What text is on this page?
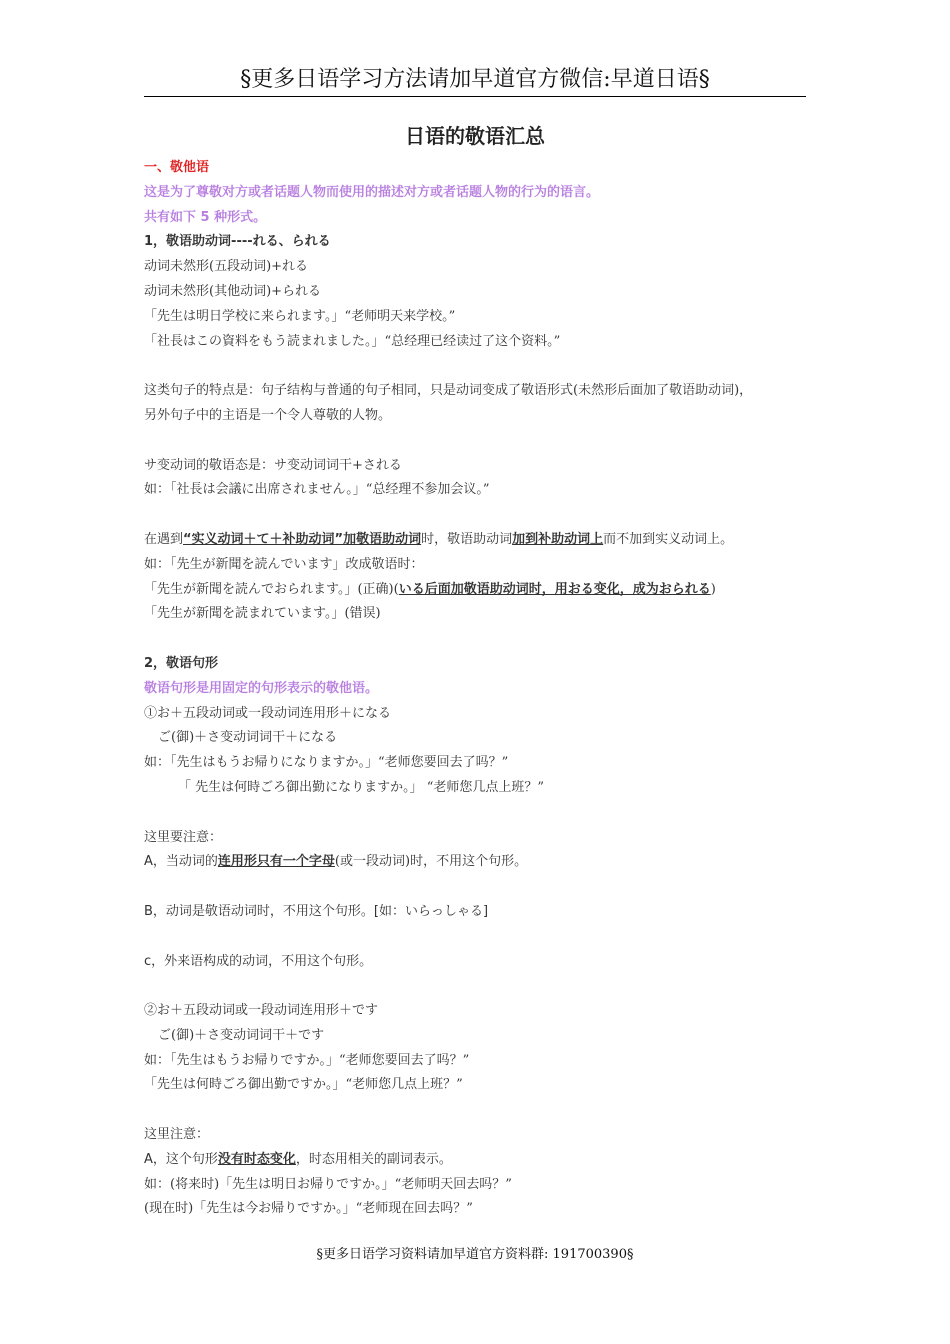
§更多日语学习方法请加早道官方微信:早道日语§
日语的敬语汇总
一、敬他语
这是为了尊敬对方或者话题人物而使用的描述对方或者话题人物的行为的语言。
共有如下 5 种形式。
1，敬语助动词----れる、られる
动词未然形(五段动词)+れる
动词未然形(其他动词)+られる
「先生は明日学校に来られます。」“老师明天来学校。”
「社長はこの資料をもう読まれました。」“总经理已经读过了这个资料。”
这类句子的特点是：句子结构与普通的句子相同，只是动词变成了敬语形式(未然形后面加了敬语助动词)，
另外句子中的主语是一个令人尊敬的人物。
サ变动词的敬语态是：サ变动词词干+される
如：「社長は会議に出席されません。」“总经理不参加会议。”
在遇到“实义动词＋て＋补助动词”加敬语助动词时，敬语助动词加到补助动词上而不加到实义动词上。
如：「先生が新聞を読んでいます」改成敬语时：
「先生が新聞を読んでおられます。」(正确)(いる后面加敬语助动词时，用おる变化，成为おられる)
「先生が新聞を読まれています。」(错误)
2，敬语句形
敬语句形是用固定的句形表示的敬他语。
①お＋五段动词或一段动词连用形＋になる
ご(御)＋さ变动词词干＋になる
如：「先生はもうお帰りになりますか。」“老师您要回去了吗？”
「 先生は何時ごろ御出勤になりますか。」 “老师您几点上班？”
这里要注意：
A，当动词的连用形只有一个字母(或一段动词)时，不用这个句形。
B，动词是敬语动词时，不用这个句形。[如：いらっしゃる]
c，外来语构成的动词，不用这个句形。
②お＋五段动词或一段动词连用形＋です
ご(御)＋さ变动词词干＋です
如：「先生はもうお帰りですか。」“老师您要回去了吗？”
「先生は何時ごろ御出勤ですか。」“老师您几点上班？”
这里注意：
A，这个句形没有时态变化，时态用相关的副词表示。
如：(将来时)「先生は明日お帰りですか。」“老师明天回去吗？”
(现在时)「先生は今お帰りですか。」“老师现在回去吗？”
§更多日语学习资料请加早道官方资料群: 191700390§
